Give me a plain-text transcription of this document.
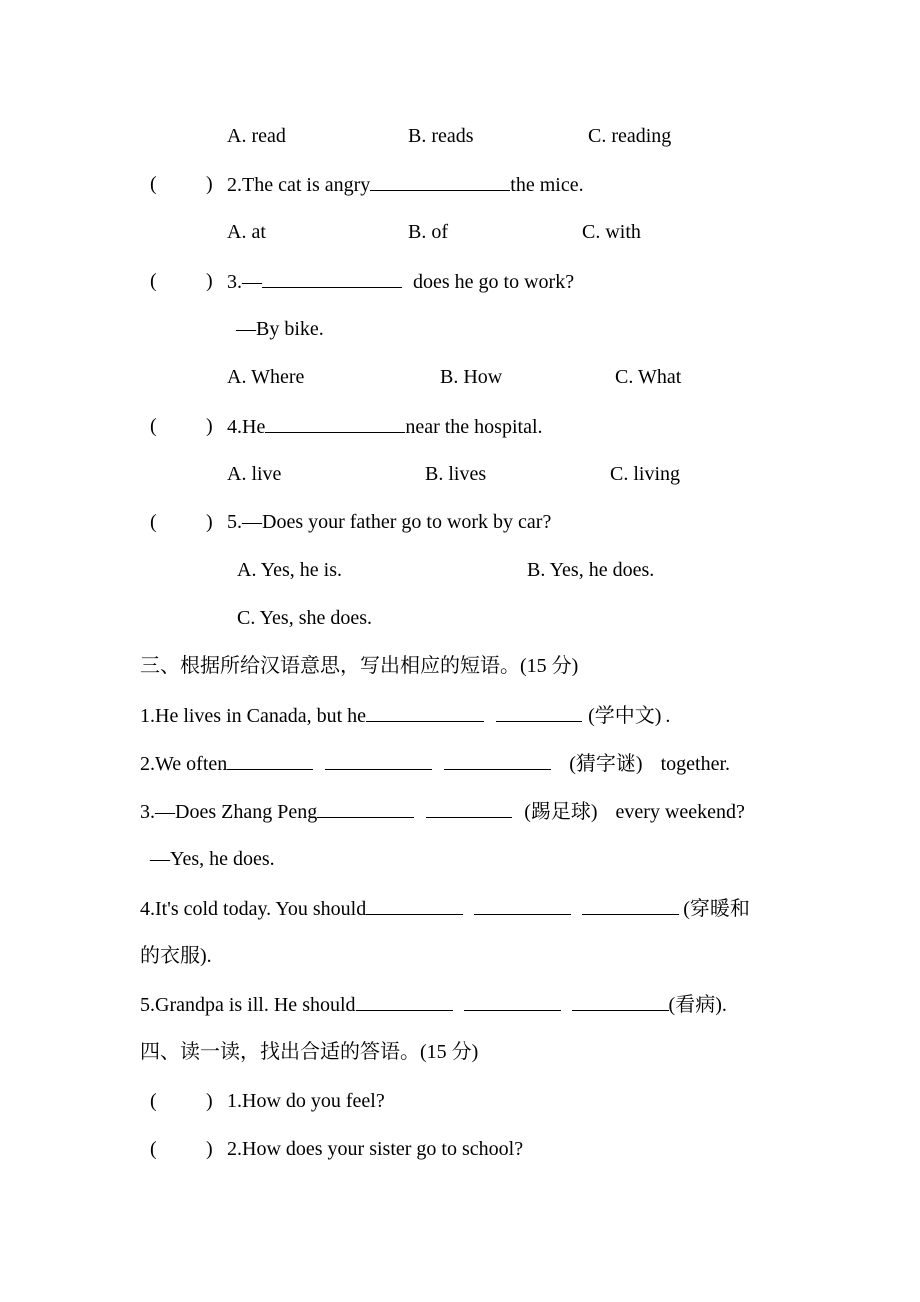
A. read	B. reads	C. reading
( ) 2.The cat is angry	the mice.
A. at	B. of	C. with
( ) 3.—	does he go to work?
—By bike.
A. Where	B. How	C. What
( ) 4.He	near the hospital.
A. live	B. lives	C. living
( ) 5.—Does your father go to work by car?
A. Yes, he is.	B. Yes, he does.
C. Yes, she does.
三、根据所给汉语意思，写出相应的短语。(15 分)
1.He lives in Canada, but he	(学中文) .
2.We often	(猜字谜) together.
3.—Does Zhang Peng	(踢足球) every weekend?
—Yes, he does.
4.It's cold today. You should	(穿暖和
的衣服).
5.Grandpa is ill. He should	(看病).
四、读一读，找出合适的答语。(15 分)
( ) 1.How do you feel?
( ) 2.How does your sister go to school?
